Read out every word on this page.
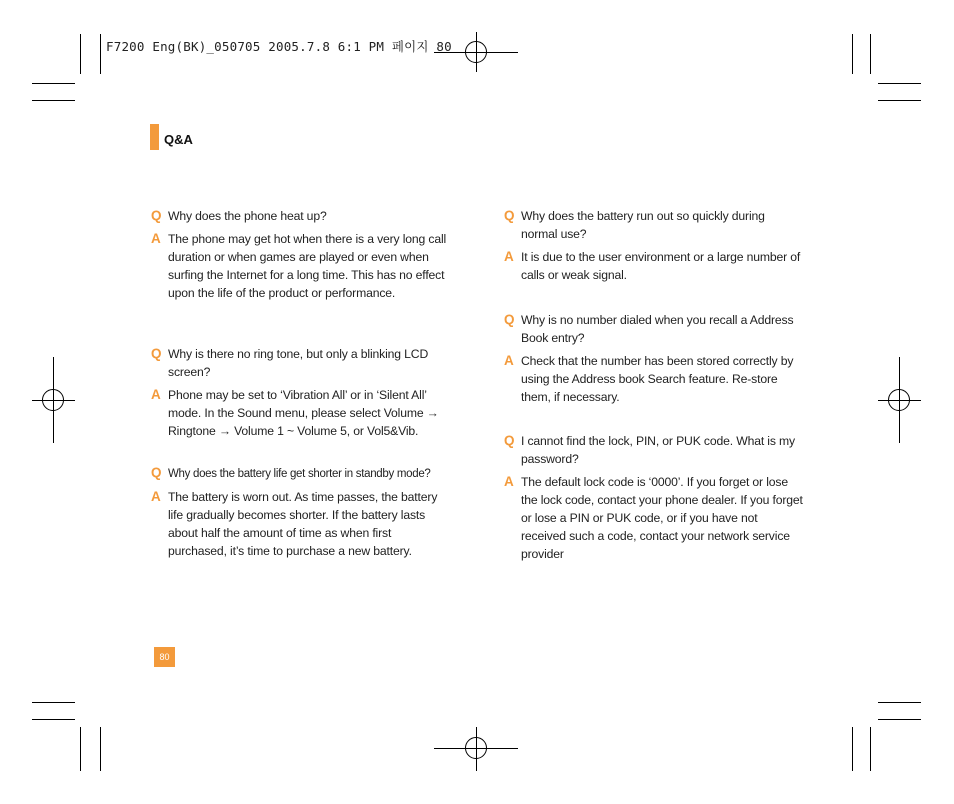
F7200 Eng(BK)_050705 2005.7.8 6:1 PM 페이지 80
Q&A
Q Why does the phone heat up?
A The phone may get hot when there is a very long call duration or when games are played or even when surfing the Internet for a long time. This has no effect upon the life of the product or performance.
Q Why is there no ring tone, but only a blinking LCD screen?
A Phone may be set to ‘Vibration All’ or in ‘Silent All’ mode. In the Sound menu, please select Volume → Ringtone → Volume 1 ~ Volume 5, or Vol5&Vib.
Q Why does the battery life get shorter in standby mode?
A The battery is worn out. As time passes, the battery life gradually becomes shorter. If the battery lasts about half the amount of time as when first purchased, it’s time to purchase a new battery.
Q Why does the battery run out so quickly during normal use?
A It is due to the user environment or a large number of calls or weak signal.
Q Why is no number dialed when you recall a Address Book entry?
A Check that the number has been stored correctly by using the Address book Search feature. Re-store them, if necessary.
Q I cannot find the lock, PIN, or PUK code. What is my password?
A The default lock code is ‘0000’. If you forget or lose the lock code, contact your phone dealer. If you forget or lose a PIN or PUK code, or if you have not received such a code, contact your network service provider
80
